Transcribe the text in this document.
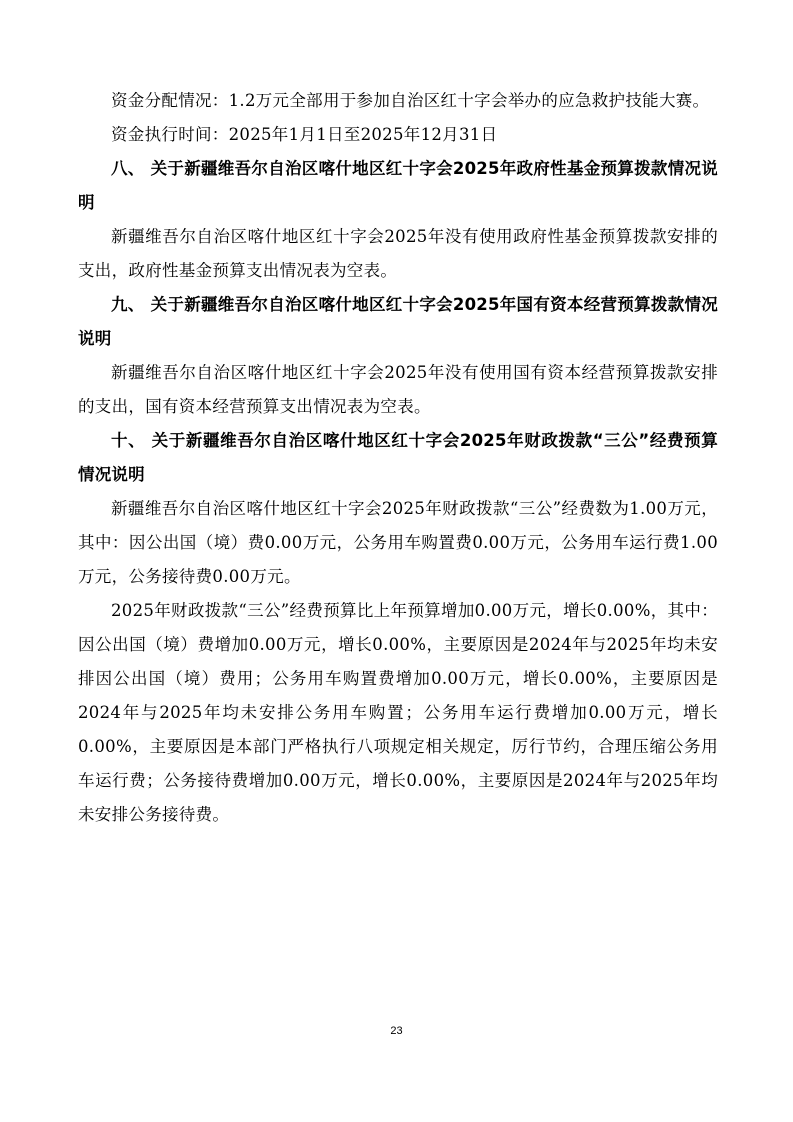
资金分配情况：1.2万元全部用于参加自治区红十字会举办的应急救护技能大赛。

资金执行时间：2025年1月1日至2025年12月31日

八、 关于新疆维吾尔自治区喀什地区红十字会2025年政府性基金预算拨款情况说明

新疆维吾尔自治区喀什地区红十字会2025年没有使用政府性基金预算拨款安排的支出，政府性基金预算支出情况表为空表。

九、 关于新疆维吾尔自治区喀什地区红十字会2025年国有资本经营预算拨款情况说明

新疆维吾尔自治区喀什地区红十字会2025年没有使用国有资本经营预算拨款安排的支出，国有资本经营预算支出情况表为空表。

十、 关于新疆维吾尔自治区喀什地区红十字会2025年财政拨款“三公”经费预算情况说明

新疆维吾尔自治区喀什地区红十字会2025年财政拨款“三公”经费数为1.00万元，其中：因公出国（境）费0.00万元，公务用车购置费0.00万元，公务用车运行费1.00万元，公务接待费0.00万元。

2025年财政拨款“三公”经费预算比上年预算增加0.00万元，增长0.00%，其中：因公出国（境）费增加0.00万元，增长0.00%，主要原因是2024年与2025年均未安排因公出国（境）费用；公务用车购置费增加0.00万元，增长0.00%，主要原因是2024年与2025年均未安排公务用车购置；公务用车运行费增加0.00万元，增长0.00%，主要原因是本部门严格执行八项规定相关规定，厉行节约，合理压缩公务用车运行费；公务接待费增加0.00万元，增长0.00%，主要原因是2024年与2025年均未安排公务接待费。

23
